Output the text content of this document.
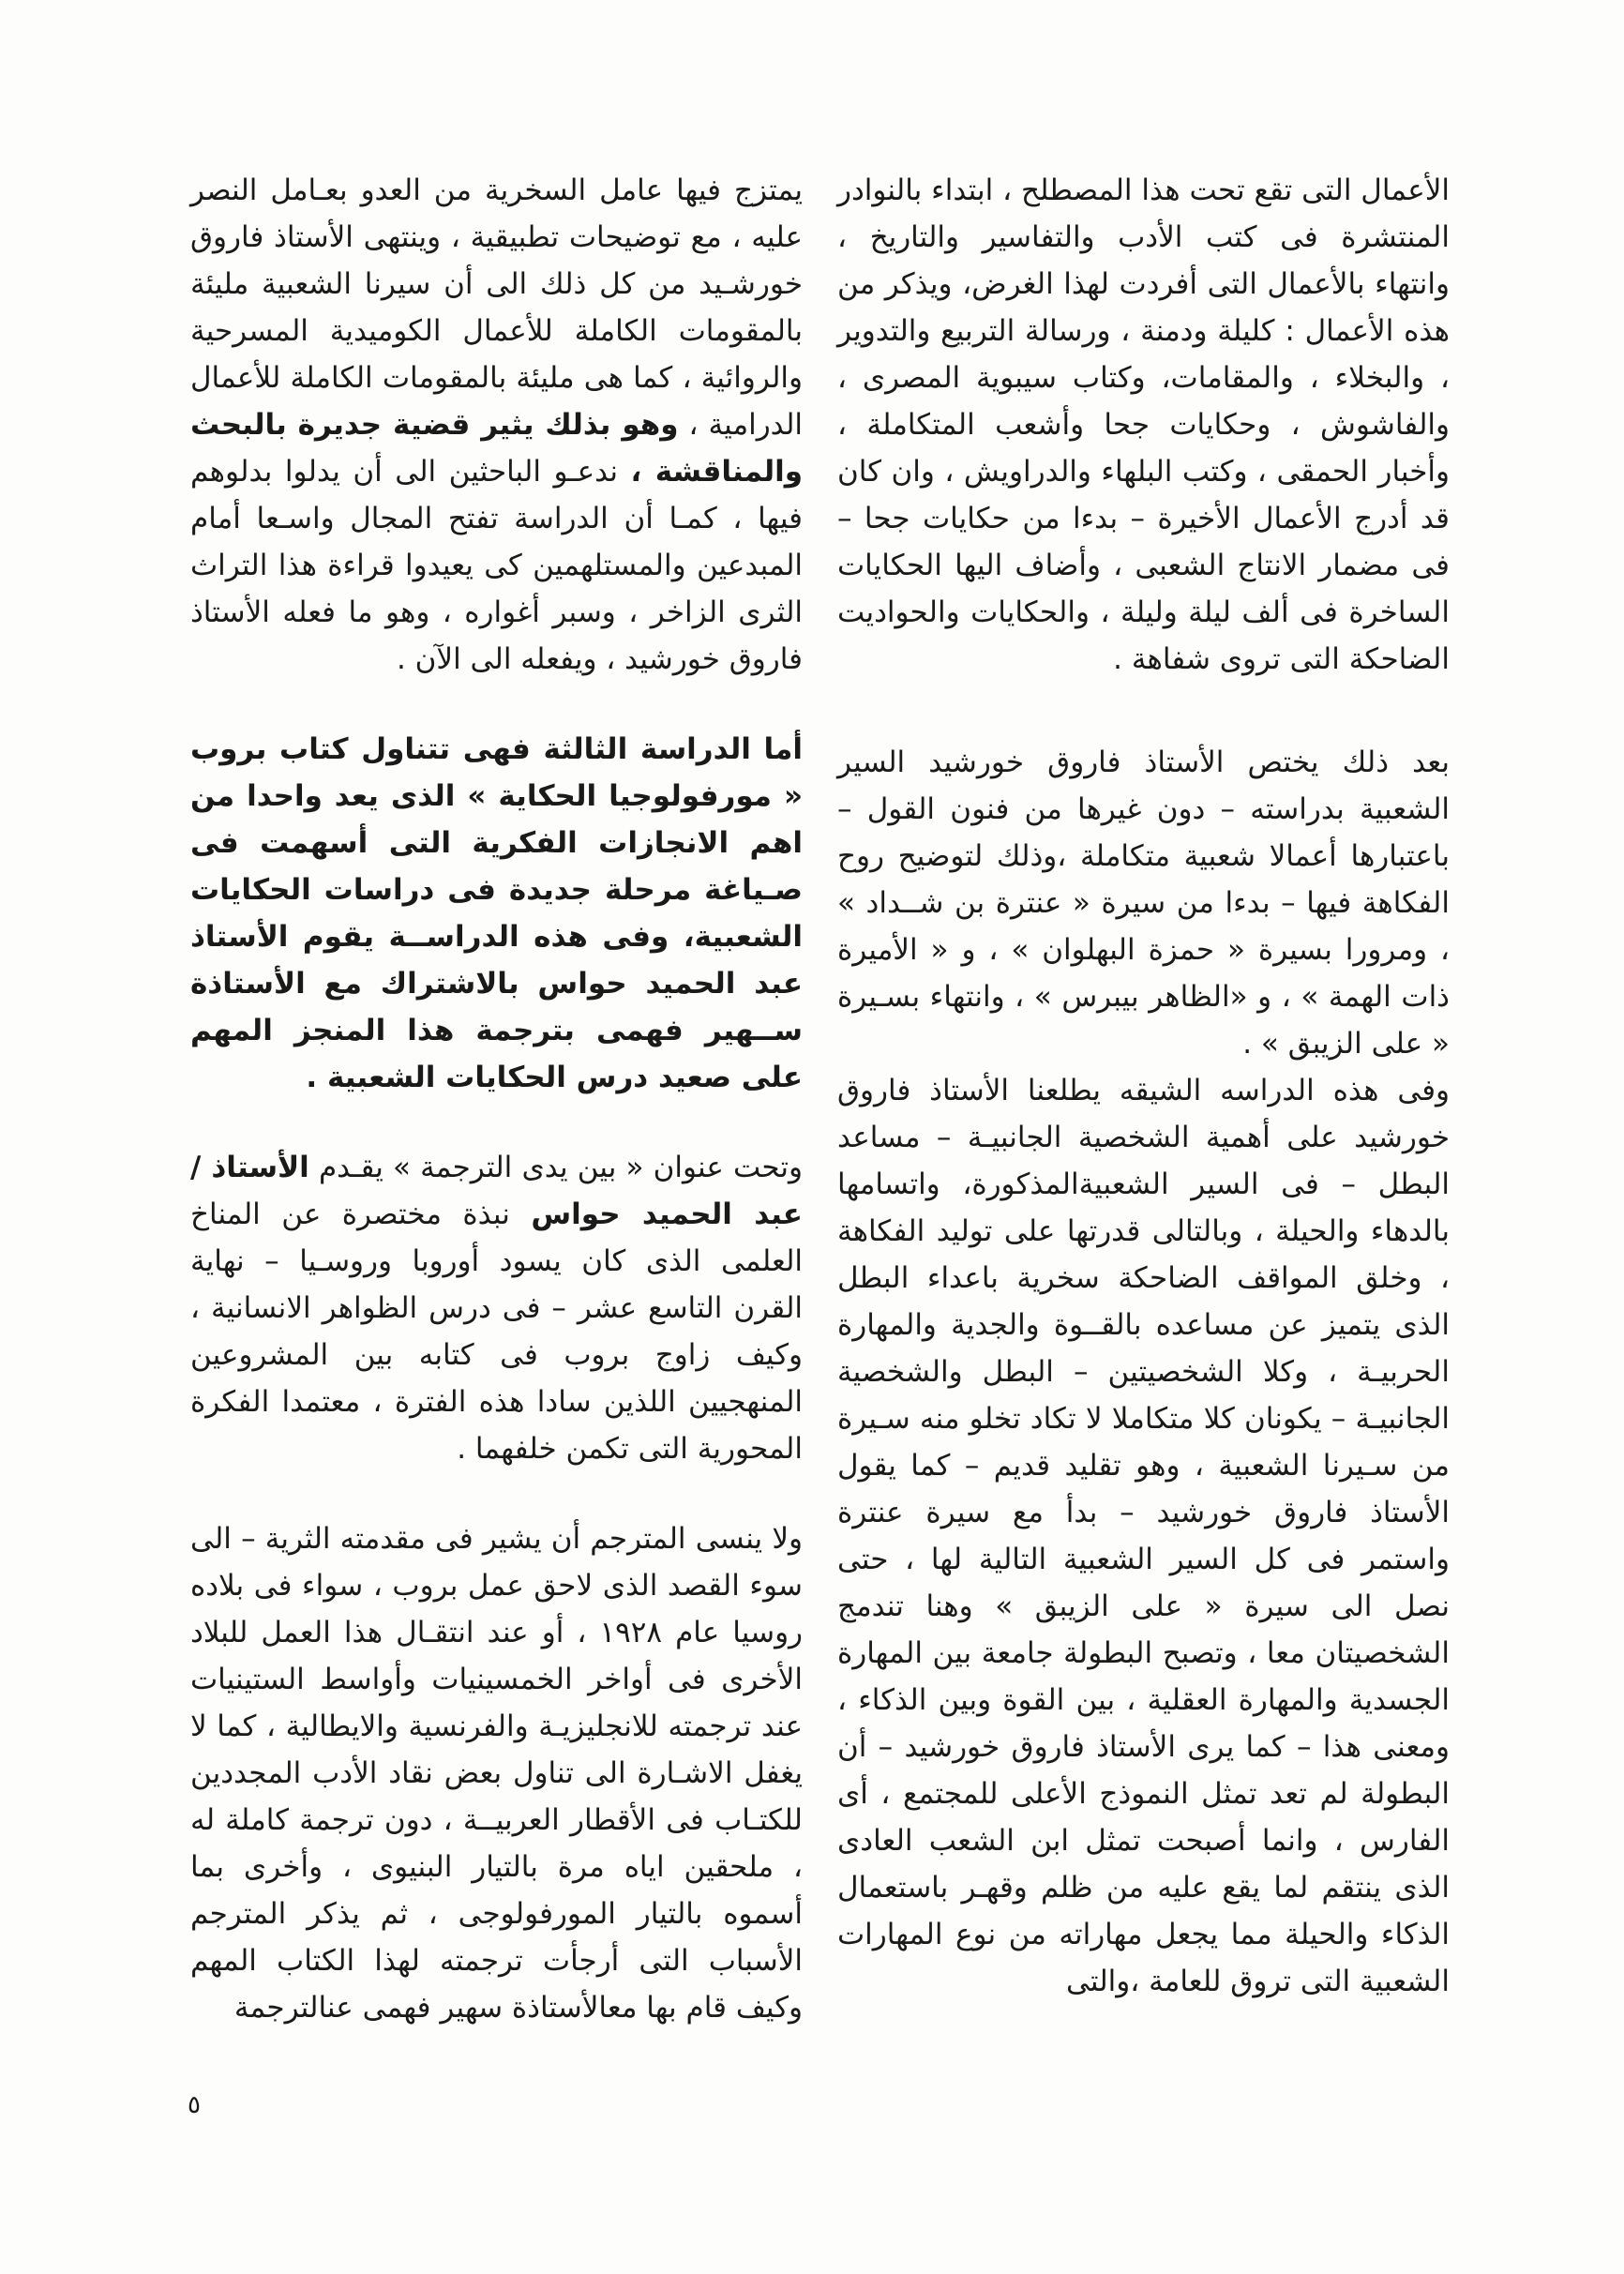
الأعمال التى تقع تحت هذا المصطلح ، ابتداء بالنوادر المنتشرة فى كتب الأدب والتفاسير والتاريخ ، وانتهاء بالأعمال التى أفردت لهذا الغرض، ويذكر من هذه الأعمال : كليلة ودمنة ، ورسالة التربيع والتدوير ، والبخلاء ، والمقامات، وكتاب سيبوية المصرى ، والفاشوش ، وحكايات جحا وأشعب المتكاملة ، وأخبار الحمقى ، وكتب البلهاء والدراويش ، وان كان قد أدرج الأعمال الأخيرة – بدءا من حكايات جحا – فى مضمار الانتاج الشعبى ، وأضاف اليها الحكايات الساخرة فى ألف ليلة وليلة ، والحكايات والحواديت الضاحكة التى تروى شفاهة .

بعد ذلك يختص الأستاذ فاروق خورشيد السير الشعبية بدراسته – دون غيرها من فنون القول – باعتبارها أعمالا شعبية متكاملة ،وذلك لتوضيح روح الفكاهة فيها – بدءا من سيرة « عنترة بن شــداد » ، ومرورا بسيرة « حمزة البهلوان » ، و « الأميرة ذات الهمة » ، و «الظاهر بيبرس » ، وانتهاء بسـيرة « على الزيبق » .

وفى هذه الدراسه الشيقه يطلعنا الأستاذ فاروق خورشيد على أهمية الشخصية الجانبيـة – مساعد البطل – فى السير الشعبيةالمذكورة، واتسامها بالدهاء والحيلة ، وبالتالى قدرتها على توليد الفكاهة ، وخلق المواقف الضاحكة سخرية باعداء البطل الذى يتميز عن مساعده بالقــوة والجدية والمهارة الحربيـة ، وكلا الشخصيتين – البطل والشخصية الجانبيـة – يكونان كلا متكاملا لا تكاد تخلو منه سـيرة من سـيرنا الشعبية ، وهو تقليد قديم – كما يقول الأستاذ فاروق خورشيد – بدأ مع سيرة عنترة واستمر فى كل السير الشعبية التالية لها ، حتى نصل الى سيرة « على الزيبق » وهنا تندمج الشخصيتان معا ، وتصبح البطولة جامعة بين المهارة الجسدية والمهارة العقلية ، بين القوة وبين الذكاء ، ومعنى هذا – كما يرى الأستاذ فاروق خورشيد – أن البطولة لم تعد تمثل النموذج الأعلى للمجتمع ، أى الفارس ، وانما أصبحت تمثل ابن الشعب العادى الذى ينتقم لما يقع عليه من ظلم وقهـر باستعمال الذكاء والحيلة مما يجعل مهاراته من نوع المهارات الشعبية التى تروق للعامة ،والتى

يمتزج فيها عامل السخرية من العدو بعـامل النصر عليه ، مع توضيحات تطبيقية ، وينتهى الأستاذ فاروق خورشـيد من كل ذلك الى أن سيرنا الشعبية مليئة بالمقومات الكاملة للأعمال الكوميدية المسرحية والروائية ، كما هى مليئة بالمقومات الكاملة للأعمال الدرامية ، وهو بذلك يثير قضية جديرة بالبحث والمناقشة ، ندعـو الباحثين الى أن يدلوا بدلوهم فيها ، كمـا أن الدراسة تفتح المجال واسـعا أمام المبدعين والمستلهمين كى يعيدوا قراءة هذا التراث الثرى الزاخر ، وسبر أغواره ، وهو ما فعله الأستاذ فاروق خورشيد ، ويفعله الى الآن .

أما الدراسة الثالثة فهى تتناول كتاب بروب « مورفولوجيا الحكاية » الذى يعد واحدا من اهم الانجازات الفكرية التى أسهمت فى صـياغة مرحلة جديدة فى دراسات الحكايات الشعبية، وفى هذه الدراســة يقوم الأستاذ عبد الحميد حواس بالاشتراك مع الأستاذة ســهير فهمى بترجمة هذا المنجز المهم على صعيد درس الحكايات الشعبية .

وتحت عنوان « بين يدى الترجمة » يقـدم الأستاذ / عبد الحميد حواس نبذة مختصرة عن المناخ العلمى الذى كان يسود أوروبا وروسـيا – نهاية القرن التاسع عشر – فى درس الظواهر الانسانية ، وكيف زاوج بروب فى كتابه بين المشروعين المنهجيين اللذين سادا هذه الفترة ، معتمدا الفكرة المحورية التى تكمن خلفهما .

ولا ينسى المترجم أن يشير فى مقدمته الثرية – الى سوء القصد الذى لاحق عمل بروب ، سواء فى بلاده روسيا عام ١٩٢٨ ، أو عند انتقـال هذا العمل للبلاد الأخرى فى أواخر الخمسينيات وأواسط الستينيات عند ترجمته للانجليزيـة والفرنسية والايطالية ، كما لا يغفل الاشـارة الى تناول بعض نقاد الأدب المجددين للكتـاب فى الأقطار العربيــة ، دون ترجمة كاملة له ، ملحقين اياه مرة بالتيار البنيوى ، وأخرى بما أسموه بالتيار المورفولوجى ، ثم يذكر المترجم الأسباب التى أرجأت ترجمته لهذا الكتاب المهم وكيف قام بها معالأستاذة سهير فهمى عنالترجمة

٥
